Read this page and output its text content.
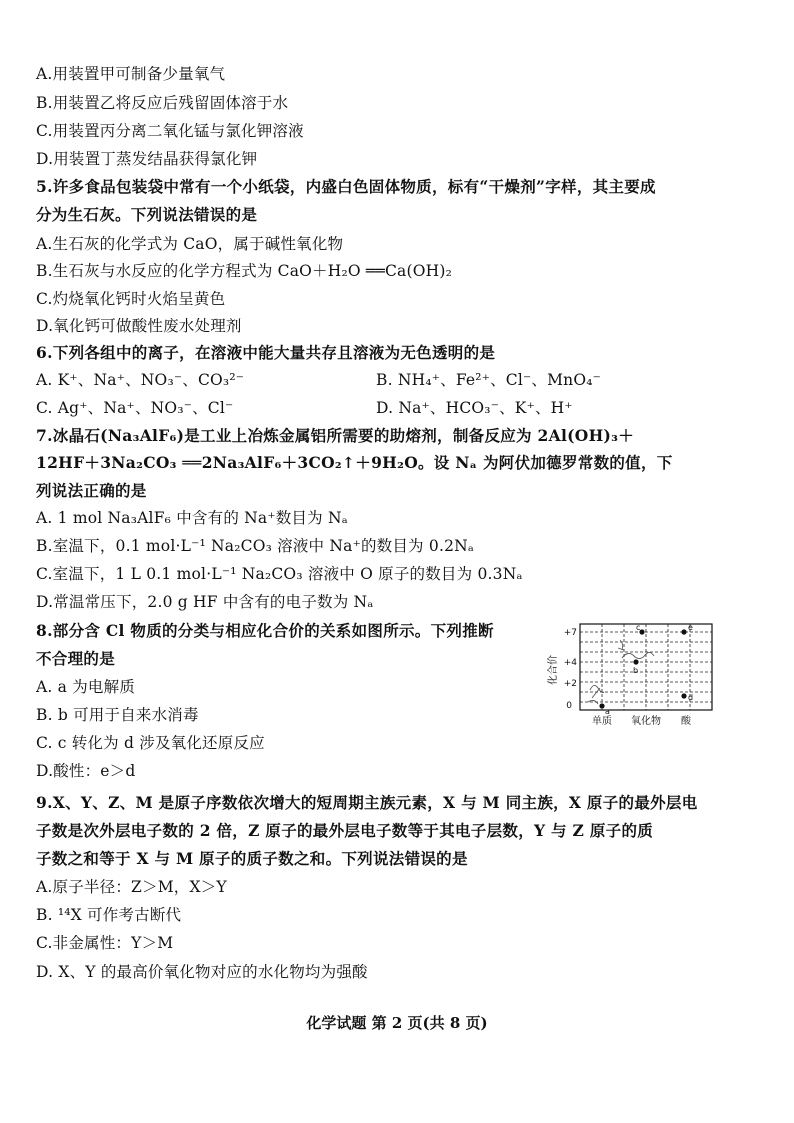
A.用装置甲可制备少量氧气
B.用装置乙将反应后残留固体溶于水
C.用装置丙分离二氧化锰与氯化钾溶液
D.用装置丁蒸发结晶获得氯化钾
5.许多食品包装袋中常有一个小纸袋，内盛白色固体物质，标有“干燥剂”字样，其主要成
分为生石灰。下列说法错误的是
A.生石灰的化学式为 CaO，属于碱性氧化物
B.生石灰与水反应的化学方程式为 CaO＋H₂O ══Ca(OH)₂
C.灼烧氧化钙时火焰呈黄色
D.氧化钙可做酸性废水处理剂
6.下列各组中的离子，在溶液中能大量共存且溶液为无色透明的是
A. K⁺、Na⁺、NO₃⁻、CO₃²⁻	B. NH₄⁺、Fe²⁺、Cl⁻、MnO₄⁻
C. Ag⁺、Na⁺、NO₃⁻、Cl⁻	D. Na⁺、HCO₃⁻、K⁺、H⁺
7.冰晶石(Na₃AlF₆)是工业上冶炼金属铝所需要的助熔剂，制备反应为 2Al(OH)₃＋
12HF＋3Na₂CO₃ ══2Na₃AlF₆＋3CO₂↑＋9H₂O。设 Nₐ 为阿伏加德罗常数的值，下
列说法正确的是
A. 1 mol Na₃AlF₆ 中含有的 Na⁺数目为 Nₐ
B.室温下，0.1 mol·L⁻¹ Na₂CO₃ 溶液中 Na⁺的数目为 0.2Nₐ
C.室温下，1 L 0.1 mol·L⁻¹ Na₂CO₃ 溶液中 O 原子的数目为 0.3Nₐ
D.常温常压下，2.0 g HF 中含有的电子数为 Nₐ
8.部分含 Cl 物质的分类与相应化合价的关系如图所示。下列推断
不合理的是
A. a 为电解质
B. b 可用于自来水消毒
C. c 转化为 d 涉及氧化还原反应
D.酸性：e＞d
+7
+4
+2
0
化合价
单质 氧化物 酸
a
b
c
d
e
9.X、Y、Z、M 是原子序数依次增大的短周期主族元素，X 与 M 同主族，X 原子的最外层电
子数是次外层电子数的 2 倍，Z 原子的最外层电子数等于其电子层数，Y 与 Z 原子的质
子数之和等于 X 与 M 原子的质子数之和。下列说法错误的是
A.原子半径：Z＞M，X＞Y
B. ¹⁴X 可作考古断代
C.非金属性：Y＞M
D. X、Y 的最高价氧化物对应的水化物均为强酸
化学试题 第 2 页(共 8 页)
